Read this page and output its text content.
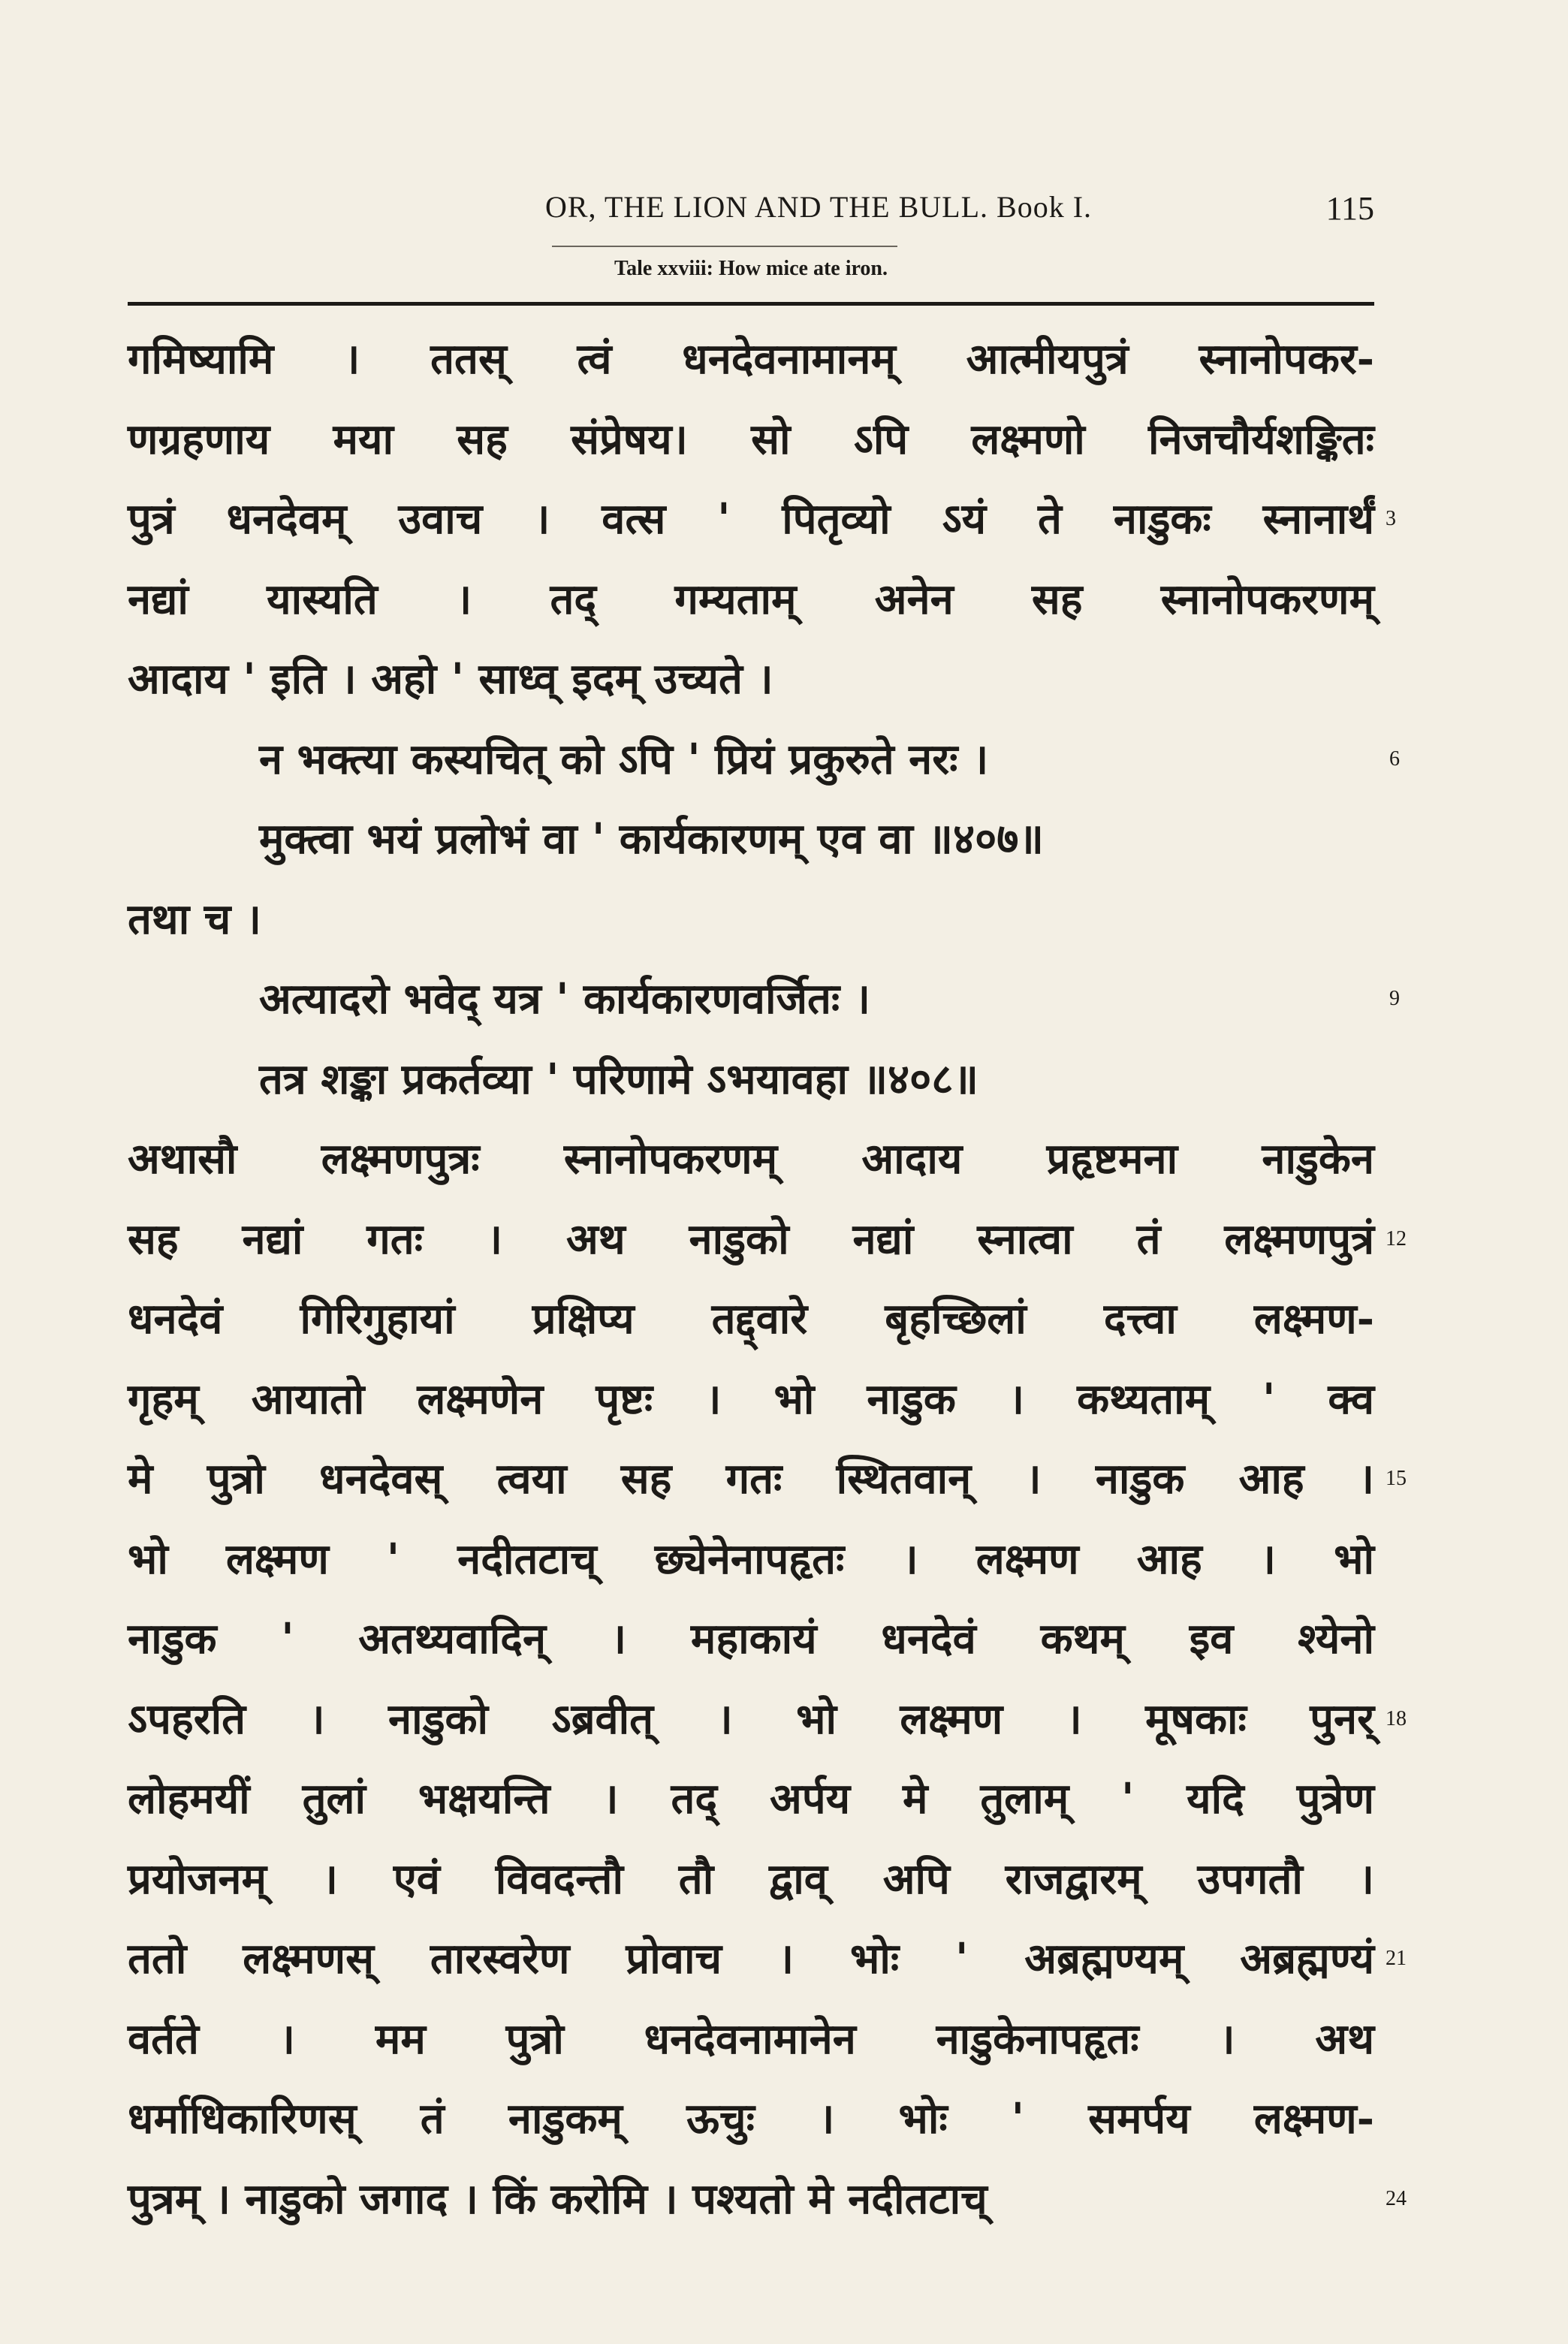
OR, THE LION AND THE BULL. Book I.	115
Tale xxviii: How mice ate iron.
गमिष्यामि । ततस् त्वं धनदेवनामानम् आत्मीयपुत्रं स्नानोपकर-
णग्रहणाय मया सह संप्रेषय। सो ऽपि लक्ष्मणो निजचौर्यशङ्कितः
पुत्रं धनदेवम् उवाच । वत्स ' पितृव्यो ऽयं ते नाडुकः स्नानार्थं 3
नद्यां यास्यति । तद् गम्यताम् अनेन सह स्नानोपकरणम्
आदाय ' इति । अहो ' साध्व् इदम् उच्यते ।
न भक्त्या कस्यचित् को ऽपि ' प्रियं प्रकुरुते नरः ।	6
मुक्त्वा भयं प्रलोभं वा ' कार्यकारणम् एव वा ॥४०७॥
तथा च ।
अत्यादरो भवेद् यत्र ' कार्यकारणवर्जितः ।	9
तत्र शङ्का प्रकर्तव्या ' परिणामे ऽभयावहा ॥४०८॥
अथासौ लक्ष्मणपुत्रः स्नानोपकरणम् आदाय प्रहृष्टमना नाडुकेन
सह नद्यां गतः । अथ नाडुको नद्यां स्नात्वा तं लक्ष्मणपुत्रं 12
धनदेवं गिरिगुहायां प्रक्षिप्य तद्द्वारे बृहच्छिलां दत्त्वा लक्ष्मण-
गृहम् आयातो लक्ष्मणेन पृष्टः । भो नाडुक । कथ्यताम् ' क्व
मे पुत्रो धनदेवस् त्वया सह गतः स्थितवान् । नाडुक आह । 15
भो लक्ष्मण ' नदीतटाच् छ्येनेनापहृतः । लक्ष्मण आह । भो
नाडुक ' अतथ्यवादिन् । महाकायं धनदेवं कथम् इव श्येनो
ऽपहरति । नाडुको ऽब्रवीत् । भो लक्ष्मण । मूषकाः पुनर् 18
लोहमयीं तुलां भक्षयन्ति । तद् अर्पय मे तुलाम् ' यदि पुत्रेण
प्रयोजनम् । एवं विवदन्तौ तौ द्वाव् अपि राजद्वारम् उपगतौ ।
ततो लक्ष्मणस् तारस्वरेण प्रोवाच । भोः ' अब्रह्मण्यम् अब्रह्मण्यं 21
वर्तते । मम पुत्रो धनदेवनामानेन नाडुकेनापहृतः । अथ
धर्माधिकारिणस् तं नाडुकम् ऊचुः । भोः ' समर्पय लक्ष्मण-
पुत्रम् । नाडुको जगाद । किं करोमि । पश्यतो मे नदीतटाच्	24
